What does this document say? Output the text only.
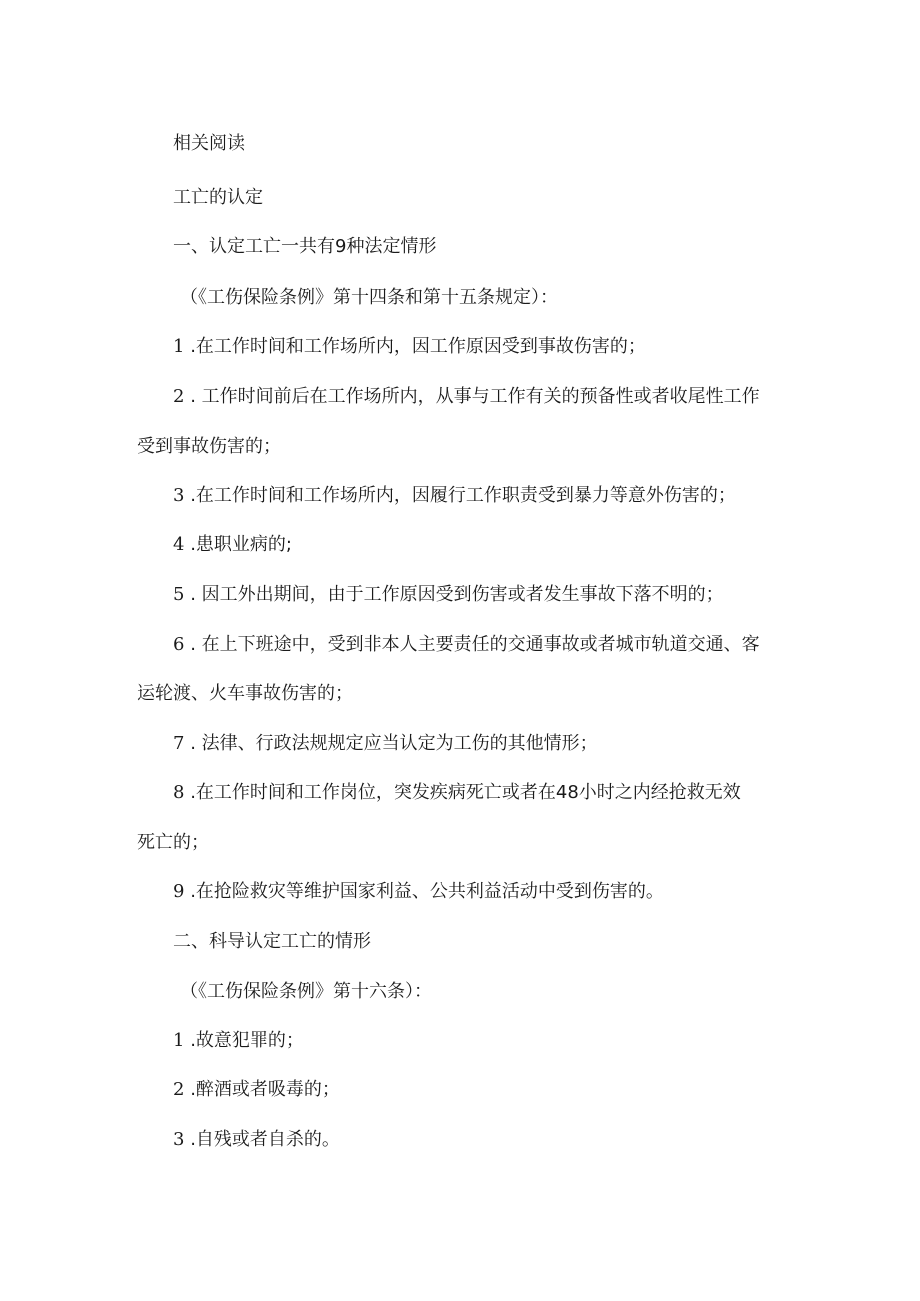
相关阅读
工亡的认定
一、认定工亡一共有9种法定情形
（《工伤保险条例》第十四条和第十五条规定）：
1 .在工作时间和工作场所内，因工作原因受到事故伤害的；
2 . 工作时间前后在工作场所内，从事与工作有关的预备性或者收尾性工作
受到事故伤害的；
3 .在工作时间和工作场所内，因履行工作职责受到暴力等意外伤害的；
4 .患职业病的;
5 . 因工外出期间，由于工作原因受到伤害或者发生事故下落不明的；
6 . 在上下班途中，受到非本人主要责任的交通事故或者城市轨道交通、客
运轮渡、火车事故伤害的；
7 . 法律、行政法规规定应当认定为工伤的其他情形；
8 .在工作时间和工作岗位，突发疾病死亡或者在48小时之内经抢救无效
死亡的；
9 .在抢险救灾等维护国家利益、公共利益活动中受到伤害的。
二、科导认定工亡的情形
（《工伤保险条例》第十六条）：
1 .故意犯罪的；
2 .醉酒或者吸毒的；
3 .自残或者自杀的。
